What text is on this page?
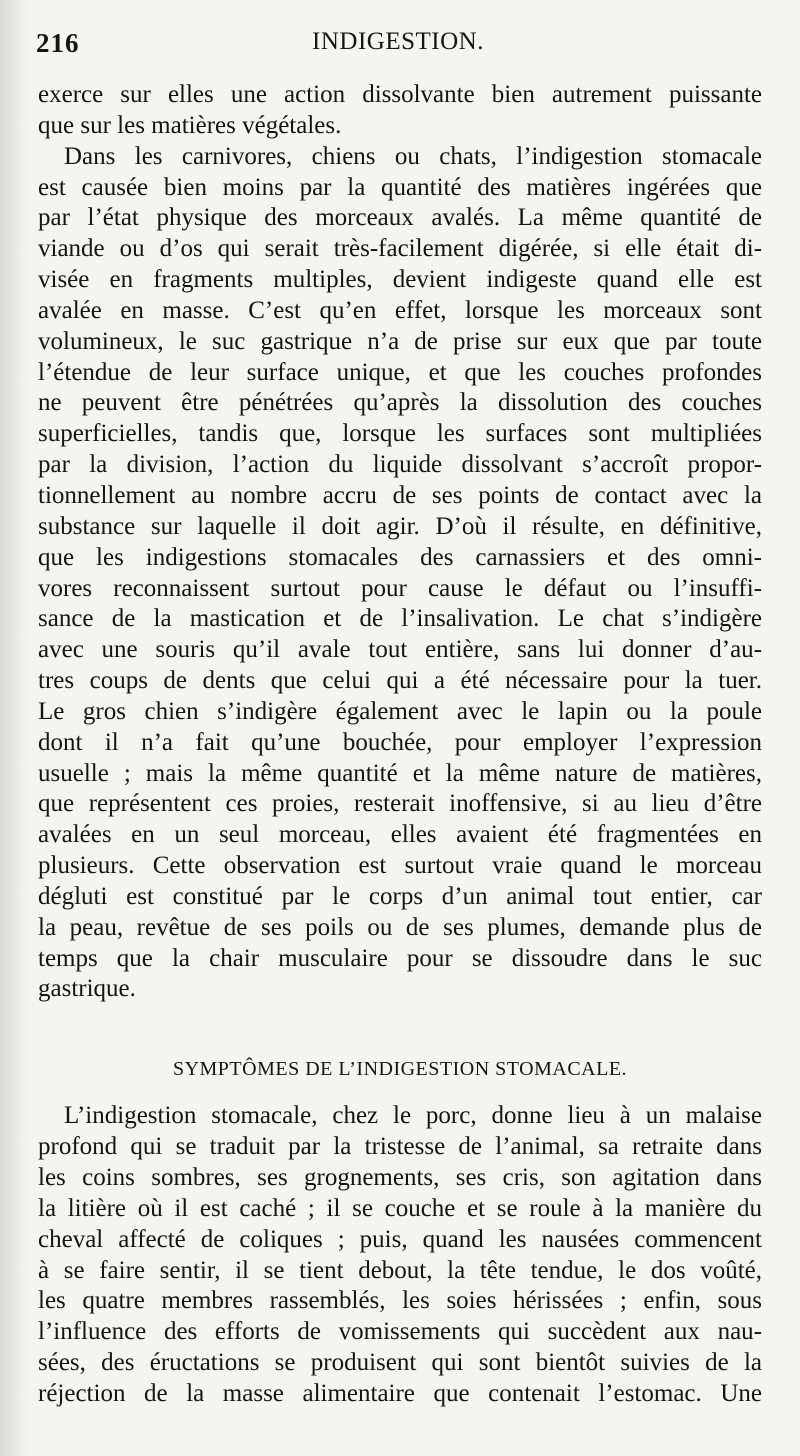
216	INDIGESTION.
exerce sur elles une action dissolvante bien autrement puissante
que sur les matières végétales.
Dans les carnivores, chiens ou chats, l’indigestion stomacale
est causée bien moins par la quantité des matières ingérées que
par l’état physique des morceaux avalés. La même quantité de
viande ou d’os qui serait très-facilement digérée, si elle était di-
visée en fragments multiples, devient indigeste quand elle est
avalée en masse. C’est qu’en effet, lorsque les morceaux sont
volumineux, le suc gastrique n’a de prise sur eux que par toute
l’étendue de leur surface unique, et que les couches profondes
ne peuvent être pénétrées qu’après la dissolution des couches
superficielles, tandis que, lorsque les surfaces sont multipliées
par la division, l’action du liquide dissolvant s’accroît propor-
tionnellement au nombre accru de ses points de contact avec la
substance sur laquelle il doit agir. D’où il résulte, en définitive,
que les indigestions stomacales des carnassiers et des omni-
vores reconnaissent surtout pour cause le défaut ou l’insuffi-
sance de la mastication et de l’insalivation. Le chat s’indigère
avec une souris qu’il avale tout entière, sans lui donner d’au-
tres coups de dents que celui qui a été nécessaire pour la tuer.
Le gros chien s’indigère également avec le lapin ou la poule
dont il n’a fait qu’une bouchée, pour employer l’expression
usuelle ; mais la même quantité et la même nature de matières,
que représentent ces proies, resterait inoffensive, si au lieu d’être
avalées en un seul morceau, elles avaient été fragmentées en
plusieurs. Cette observation est surtout vraie quand le morceau
dégluti est constitué par le corps d’un animal tout entier, car
la peau, revêtue de ses poils ou de ses plumes, demande plus de
temps que la chair musculaire pour se dissoudre dans le suc
gastrique.
SYMPTÔMES DE L’INDIGESTION STOMACALE.
L’indigestion stomacale, chez le porc, donne lieu à un malaise
profond qui se traduit par la tristesse de l’animal, sa retraite dans
les coins sombres, ses grognements, ses cris, son agitation dans
la litière où il est caché ; il se couche et se roule à la manière du
cheval affecté de coliques ; puis, quand les nausées commencent
à se faire sentir, il se tient debout, la tête tendue, le dos voûté,
les quatre membres rassemblés, les soies hérissées ; enfin, sous
l’influence des efforts de vomissements qui succèdent aux nau-
sées, des éructations se produisent qui sont bientôt suivies de la
réjection de la masse alimentaire que contenait l’estomac. Une
